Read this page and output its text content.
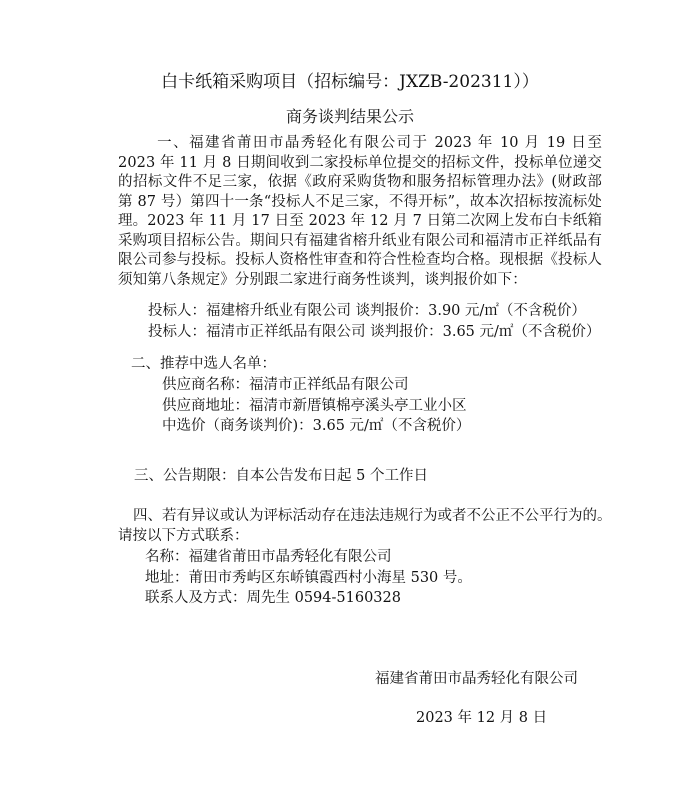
白卡纸箱采购项目（招标编号：JXZB-202311））
商务谈判结果公示
一、福建省莆田市晶秀轻化有限公司于 2023 年 10 月 19 日至 2023 年 11 月 8 日期间收到二家投标单位提交的招标文件，投标单位递交的招标文件不足三家，依据《政府采购货物和服务招标管理办法》(财政部第 87 号）第四十一条“投标人不足三家，不得开标”，故本次招标按流标处理。2023 年 11 月 17 日至 2023 年 12 月 7 日第二次网上发布白卡纸箱采购项目招标公告。期间只有福建省榕升纸业有限公司和福清市正祥纸品有限公司参与投标。投标人资格性审查和符合性检查均合格。现根据《投标人须知第八条规定》分别跟二家进行商务性谈判，谈判报价如下：
投标人：福建榕升纸业有限公司 谈判报价：3.90 元/㎡（不含税价）
投标人：福清市正祥纸品有限公司 谈判报价：3.65 元/㎡（不含税价）
二、推荐中选人名单：
供应商名称：福清市正祥纸品有限公司
供应商地址：福清市新厝镇棉亭溪头亭工业小区
中选价（商务谈判价)：3.65 元/㎡（不含税价）
三、公告期限：自本公告发布日起 5 个工作日
四、若有异议或认为评标活动存在违法违规行为或者不公正不公平行为的。
请按以下方式联系：
名称：福建省莆田市晶秀轻化有限公司
地址：莆田市秀屿区东峤镇霞西村小海星 530 号。
联系人及方式：周先生 0594-5160328
福建省莆田市晶秀轻化有限公司
2023 年 12 月 8 日
